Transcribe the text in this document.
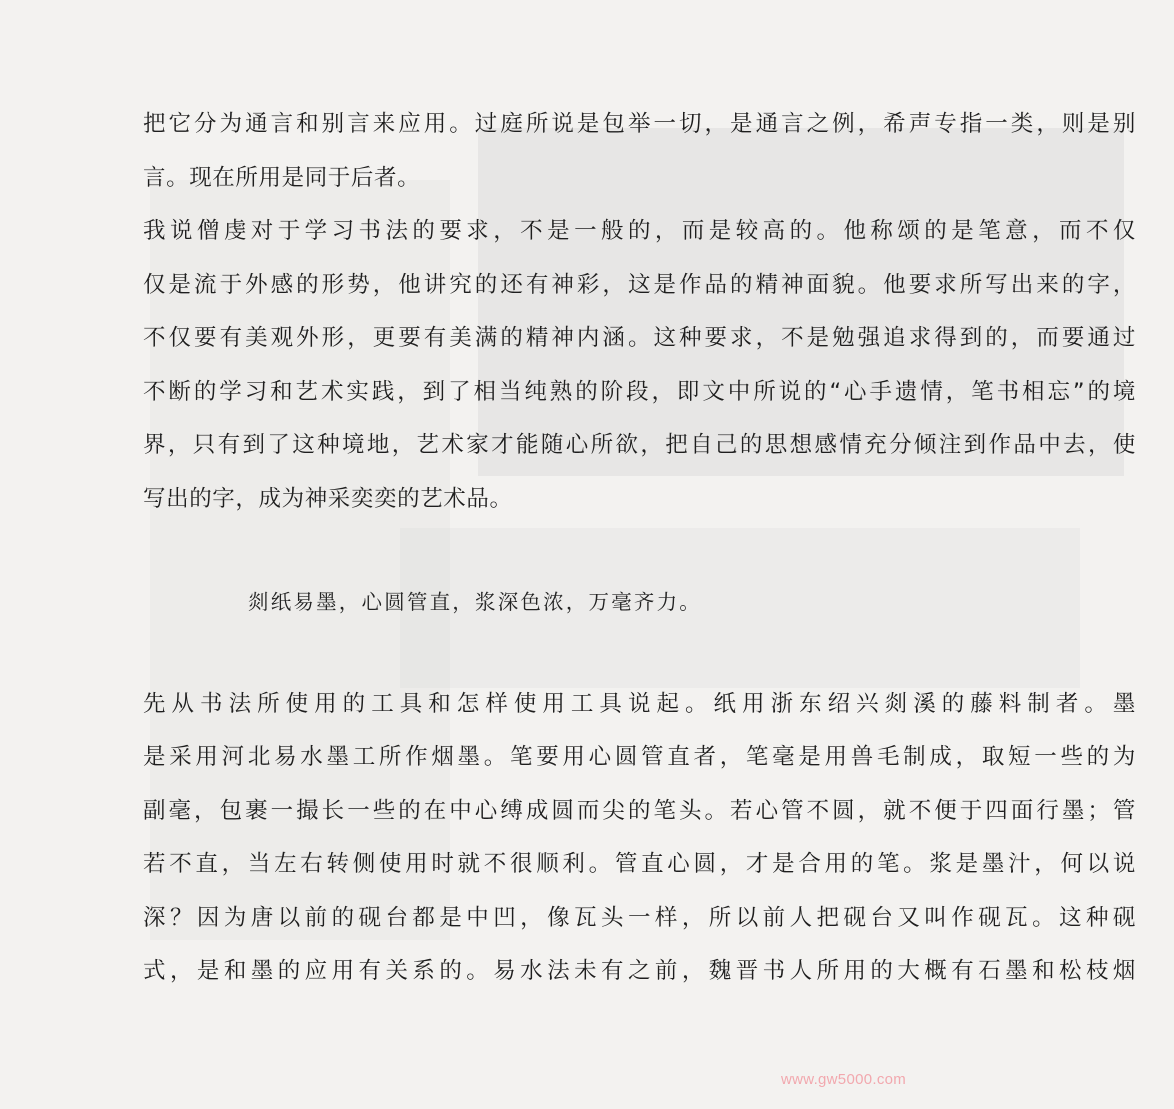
把它分为通言和别言来应用。过庭所说是包举一切，是通言之例，希声专指一类，则是别

言。现在所用是同于后者。

我说僧虔对于学习书法的要求，不是一般的，而是较高的。他称颂的是笔意，而不仅

仅是流于外感的形势，他讲究的还有神彩，这是作品的精神面貌。他要求所写出来的字，

不仅要有美观外形，更要有美满的精神内涵。这种要求，不是勉强追求得到的，而要通过

不断的学习和艺术实践，到了相当纯熟的阶段，即文中所说的“心手遗情，笔书相忘”的境

界，只有到了这种境地，艺术家才能随心所欲，把自己的思想感情充分倾注到作品中去，使

写出的字，成为神采奕奕的艺术品。

剡纸易墨，心圆管直，浆深色浓，万毫齐力。

先从书法所使用的工具和怎样使用工具说起。纸用浙东绍兴剡溪的藤料制者。墨

是采用河北易水墨工所作烟墨。笔要用心圆管直者，笔毫是用兽毛制成，取短一些的为

副毫，包裹一撮长一些的在中心缚成圆而尖的笔头。若心管不圆，就不便于四面行墨；管

若不直，当左右转侧使用时就不很顺利。管直心圆，才是合用的笔。浆是墨汁，何以说

深？因为唐以前的砚台都是中凹，像瓦头一样，所以前人把砚台又叫作砚瓦。这种砚

式，是和墨的应用有关系的。易水法未有之前，魏晋书人所用的大概有石墨和松枝烟

www.gw5000.com
